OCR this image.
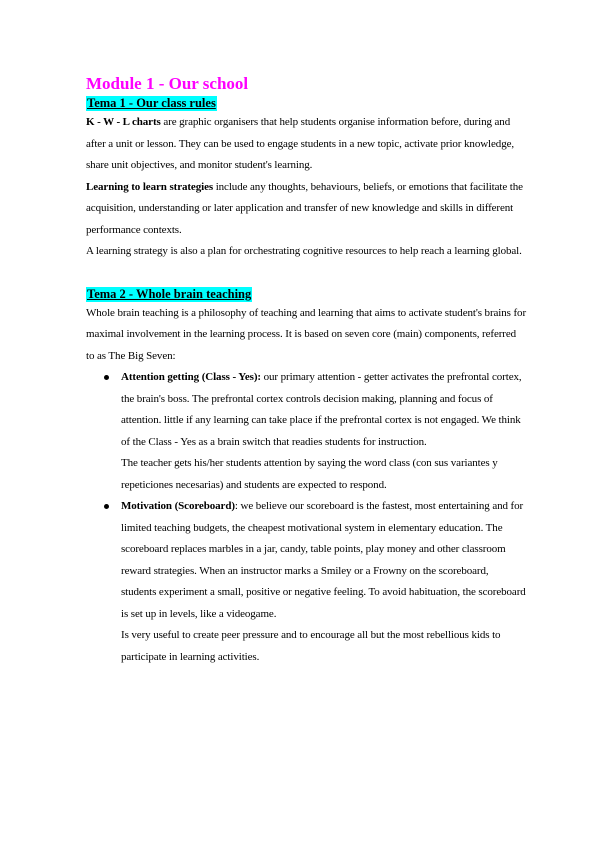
Module 1 - Our school
Tema 1 - Our class rules

K - W - L charts are graphic organisers that help students organise information before, during and after a unit or lesson. They can be used to engage students in a new topic, activate prior knowledge, share unit objectives, and monitor student's learning.

Learning to learn strategies include any thoughts, behaviours, beliefs, or emotions that facilitate the acquisition, understanding or later application and transfer of new knowledge and skills in different performance contexts.

A learning strategy is also a plan for orchestrating cognitive resources to help reach a learning global.

Tema 2 - Whole brain teaching

Whole brain teaching is a philosophy of teaching and learning that aims to activate student's brains for maximal involvement in the learning process. It is based on seven core (main) components, referred to as The Big Seven:

Attention getting (Class - Yes): our primary attention - getter activates the prefrontal cortex, the brain's boss. The prefrontal cortex controls decision making, planning and focus of attention. little if any learning can take place if the prefrontal cortex is not engaged. We think of the Class - Yes as a brain switch that readies students for instruction.

The teacher gets his/her students attention by saying the word class (con sus variantes y repeticiones necesarias) and students are expected to respond.

Motivation (Scoreboard): we believe our scoreboard is the fastest, most entertaining and for limited teaching budgets, the cheapest motivational system in elementary education. The scoreboard replaces marbles in a jar, candy, table points, play money and other classroom reward strategies. When an instructor marks a Smiley or a Frowny on the scoreboard, students experiment a small, positive or negative feeling. To avoid habituation, the scoreboard is set up in levels, like a videogame.

Is very useful to create peer pressure and to encourage all but the most rebellious kids to participate in learning activities.
